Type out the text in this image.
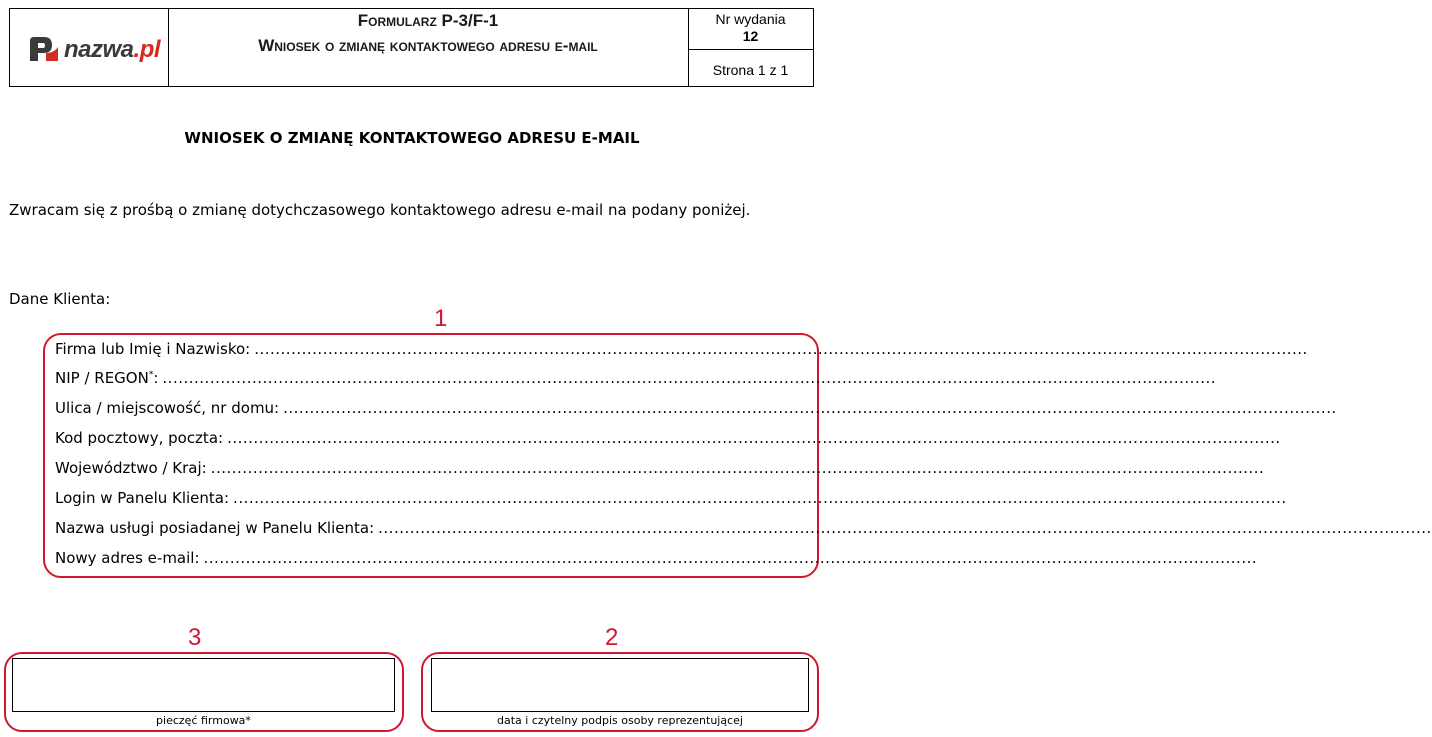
nazwa.pl
Formularz P-3/F-1
Wniosek o zmianę kontaktowego adresu e-mail
Nr wydania
12
Strona 1 z 1
WNIOSEK O ZMIANĘ KONTAKTOWEGO ADRESU E-MAIL
Zwracam się z prośbą o zmianę dotychczasowego kontaktowego adresu e-mail na podany poniżej.
Dane Klienta:
1
Firma lub Imię i Nazwisko: ........................................................................................................................................................................................................
NIP / REGON*: ........................................................................................................................................................................................................
Ulica / miejscowość, nr domu: ........................................................................................................................................................................................................
Kod pocztowy, poczta: ........................................................................................................................................................................................................
Województwo / Kraj: ........................................................................................................................................................................................................
Login w Panelu Klienta: ........................................................................................................................................................................................................
Nazwa usługi posiadanej w Panelu Klienta: ........................................................................................................................................................................................................
Nowy adres e-mail: ........................................................................................................................................................................................................
3
pieczęć firmowa*
2
data i czytelny podpis osoby reprezentującej
